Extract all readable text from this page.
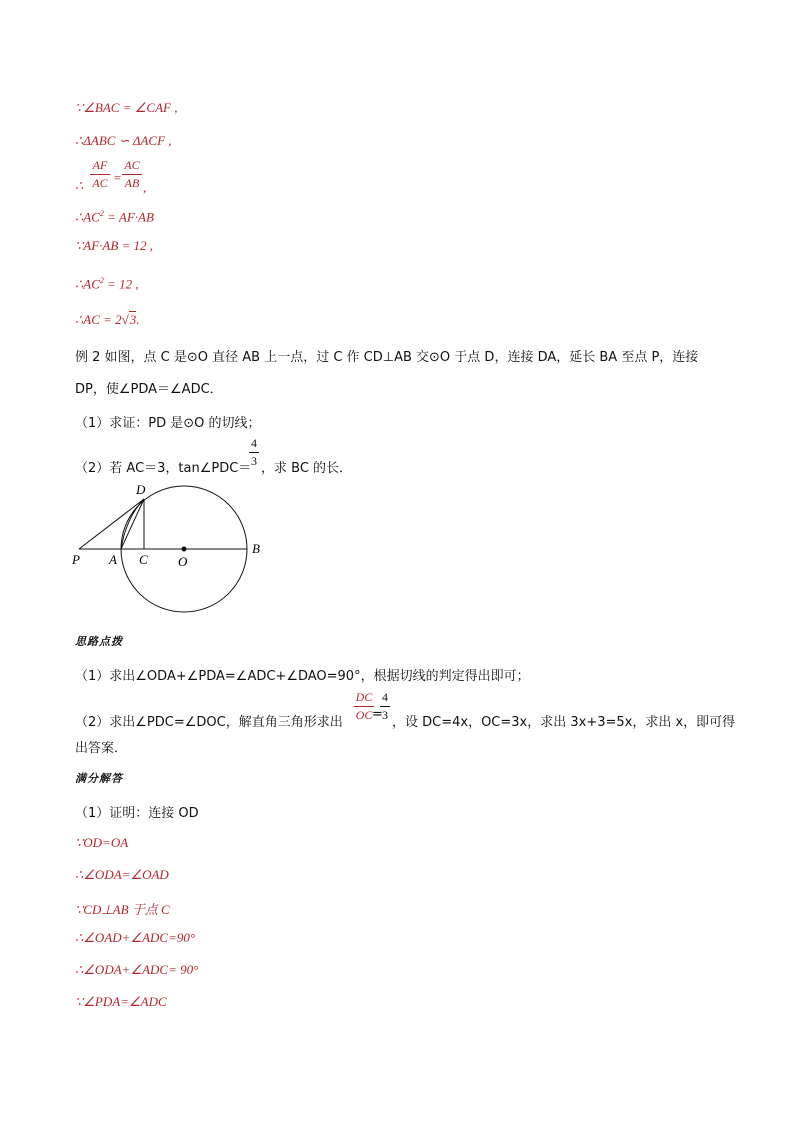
∵∠BAC = ∠CAF ,
∴ΔABC ∽ ΔACF ,
∴
AF
AC =
AC
AB ,
$\therefore AC^2 = AF\cdot AB$
∵AF·AB = 12 ,
$\therefore AC^2 = 12$ ,
∴AC = 2√3.
例 2 如图，点 C 是⊙O 直径 AB 上一点，过 C 作 CD⊥AB 交⊙O 于点 D，连接 DA，延长 BA 至点 P，连接
DP，使∠PDA＝∠ADC．
（1）求证：PD 是⊙O 的切线；
（2）若 AC＝3，tan∠PDC＝
4
3 ，求 BC 的长．
D
P A C O
B
思路点拨
（1）求出∠ODA+∠PDA=∠ADC+∠DAO=90°，根据切线的判定得出即可；
（2）求出∠PDC=∠DOC，解直角三角形求出
DC
OC =
4
3 ，设 DC=4x，OC=3x，求出 3x+3=5x，求出 x，即可得
出答案．
满分解答
（1）证明：连接 OD
∵OD=OA
∴∠ODA=∠OAD
∵CD⊥AB 于点 C
∴∠OAD+∠ADC=90°
∴∠ODA+∠ADC= 90°
∵∠PDA=∠ADC
